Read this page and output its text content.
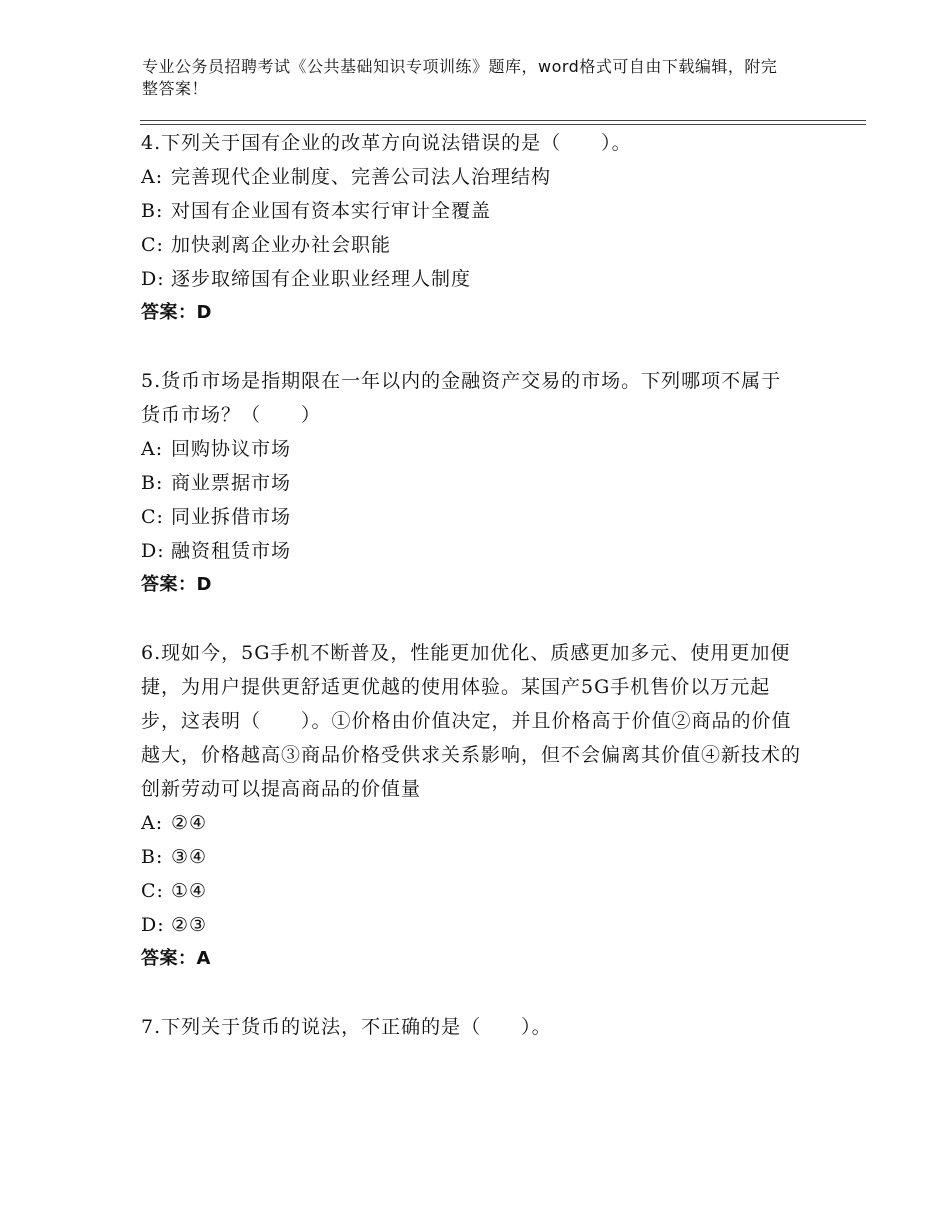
专业公务员招聘考试《公共基础知识专项训练》题库，word格式可自由下载编辑，附完整答案！

4.下列关于国有企业的改革方向说法错误的是（　　）。

A: 完善现代企业制度、完善公司法人治理结构

B: 对国有企业国有资本实行审计全覆盖

C: 加快剥离企业办社会职能

D: 逐步取缔国有企业职业经理人制度

答案：D

5.货币市场是指期限在一年以内的金融资产交易的市场。下列哪项不属于货币市场？（　　）

A: 回购协议市场

B: 商业票据市场

C: 同业拆借市场

D: 融资租赁市场

答案：D

6.现如今，5G手机不断普及，性能更加优化、质感更加多元、使用更加便捷，为用户提供更舒适更优越的使用体验。某国产5G手机售价以万元起步，这表明（　　）。①价格由价值决定，并且价格高于价值②商品的价值越大，价格越高③商品价格受供求关系影响，但不会偏离其价值④新技术的创新劳动可以提高商品的价值量

A: ②④

B: ③④

C: ①④

D: ②③

答案：A

7.下列关于货币的说法，不正确的是（　　）。
